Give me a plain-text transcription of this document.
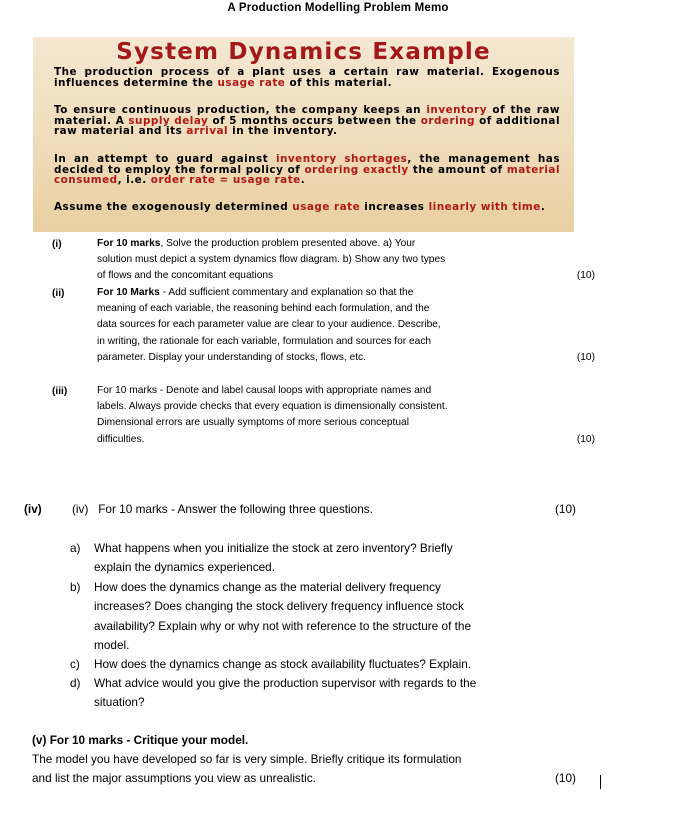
A Production Modelling Problem Memo
System Dynamics Example

The production process of a plant uses a certain raw material. Exogenous influences determine the usage rate of this material.

To ensure continuous production, the company keeps an inventory of the raw material. A supply delay of 5 months occurs between the ordering of additional raw material and its arrival in the inventory.

In an attempt to guard against inventory shortages, the management has decided to employ the formal policy of ordering exactly the amount of material consumed, i.e. order rate = usage rate.

Assume the exogenously determined usage rate increases linearly with time.

(i)	For 10 marks, Solve the production problem presented above. a) Your
solution must depict a system dynamics flow diagram. b) Show any two types
of flows and the concomitant equations	(10)
(ii)	For 10 Marks - Add sufficient commentary and explanation so that the
meaning of each variable, the reasoning behind each formulation, and the
data sources for each parameter value are clear to your audience. Describe,
in writing, the rationale for each variable, formulation and sources for each
parameter. Display your understanding of stocks, flows, etc.	(10)
(iii)	For 10 marks - Denote and label causal loops with appropriate names and
labels. Always provide checks that every equation is dimensionally consistent.
Dimensional errors are usually symptoms of more serious conceptual
difficulties.	(10)
(iv)	(iv)   For 10 marks - Answer the following three questions.	(10)
a) What happens when you initialize the stock at zero inventory? Briefly
explain the dynamics experienced.
b) How does the dynamics change as the material delivery frequency
increases? Does changing the stock delivery frequency influence stock
availability? Explain why or why not with reference to the structure of the
model.
c) How does the dynamics change as stock availability fluctuates? Explain.
d) What advice would you give the production supervisor with regards to the
situation?
(v) For 10 marks - Critique your model.
The model you have developed so far is very simple. Briefly critique its formulation
and list the major assumptions you view as unrealistic.	(10)
